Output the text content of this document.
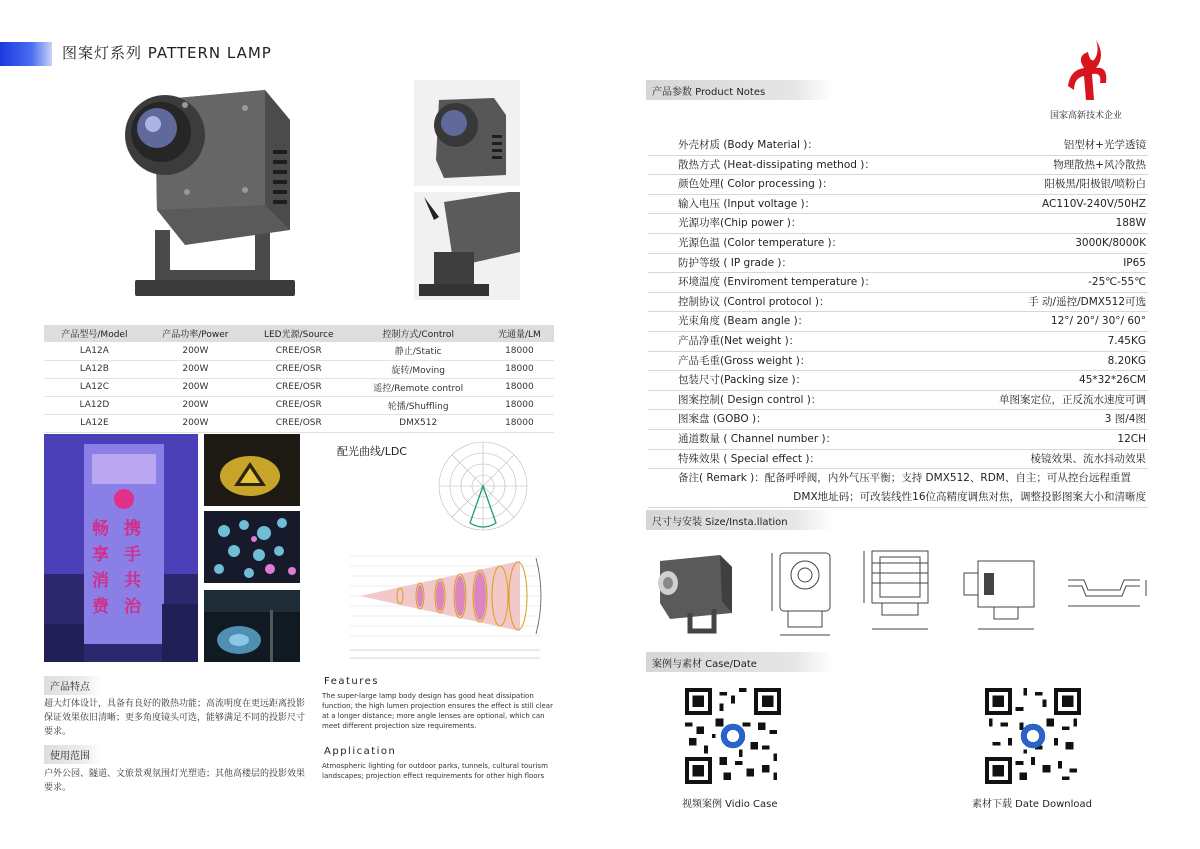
图案灯系列 PATTERN LAMP
产品型号/Model	产品功率/Power	LED光源/Source	控制方式/Control	光通量/LM
LA12A	200W	CREE/OSR	静止/Static	18000
LA12B	200W	CREE/OSR	旋转/Moving	18000
LA12C	200W	CREE/OSR	遥控/Remote control	18000
LA12D	200W	CREE/OSR	轮播/Shuffling	18000
LA12E	200W	CREE/OSR	DMX512	18000
畅 携
享 手
消 共
费 治
配光曲线/LDC
产品特点
超大灯体设计，具备有良好的散热功能；高流明度在更远距离投影保证效果依旧清晰；更多角度镜头可选，能够满足不同的投影尺寸要求。
Features
The super-large lamp body design has good heat dissipation function; the high lumen projection ensures the effect is still clear at a longer distance; more angle lenses are optional, which can meet different projection size requirements.
使用范围
户外公园、隧道、文旅景观氛围灯光塑造；其他高楼层的投影效果要求。
Application
Atmospheric lighting for outdoor parks, tunnels, cultural tourism landscapes; projection effect requirements for other high floors
国家高新技术企业
产品参数 Product Notes
外壳材质 (Body Material )：	铝型材+光学透镜
散热方式 (Heat-dissipating method )：	物理散热+风冷散热
颜色处理( Color processing )：	阳极黑/阳极银/喷粉白
输入电压 (Input voltage )：	AC110V-240V/50HZ
光源功率(Chip power )：	188W
光源色温 (Color temperature )：	3000K/8000K
防护等级 ( IP grade )：	IP65
环境温度 (Enviroment temperature )：	-25℃-55℃
控制协议 (Control protocol )：	手 动/遥控/DMX512可选
光束角度 (Beam angle )：	12°/ 20°/ 30°/ 60°
产品净重(Net weight )：	7.45KG
产品毛重(Gross weight )：	8.20KG
包装尺寸(Packing size )：	45*32*26CM
图案控制( Design control )：	单图案定位，正反流水速度可调
图案盘 (GOBO )：	3 图/4图
通道数量 ( Channel number )：	12CH
特殊效果 ( Special effect )：	棱镜效果、流水抖动效果
备注( Remark )：配备呼呼阀，内外气压平衡；支持 DMX512、RDM、自主；可从控台远程重置
DMX地址码；可改装线性16位高精度调焦对焦，调整投影图案大小和清晰度
尺寸与安装 Size/Insta.llation
案例与素材 Case/Date
视频案例 Vidio Case	素材下载 Date Download
